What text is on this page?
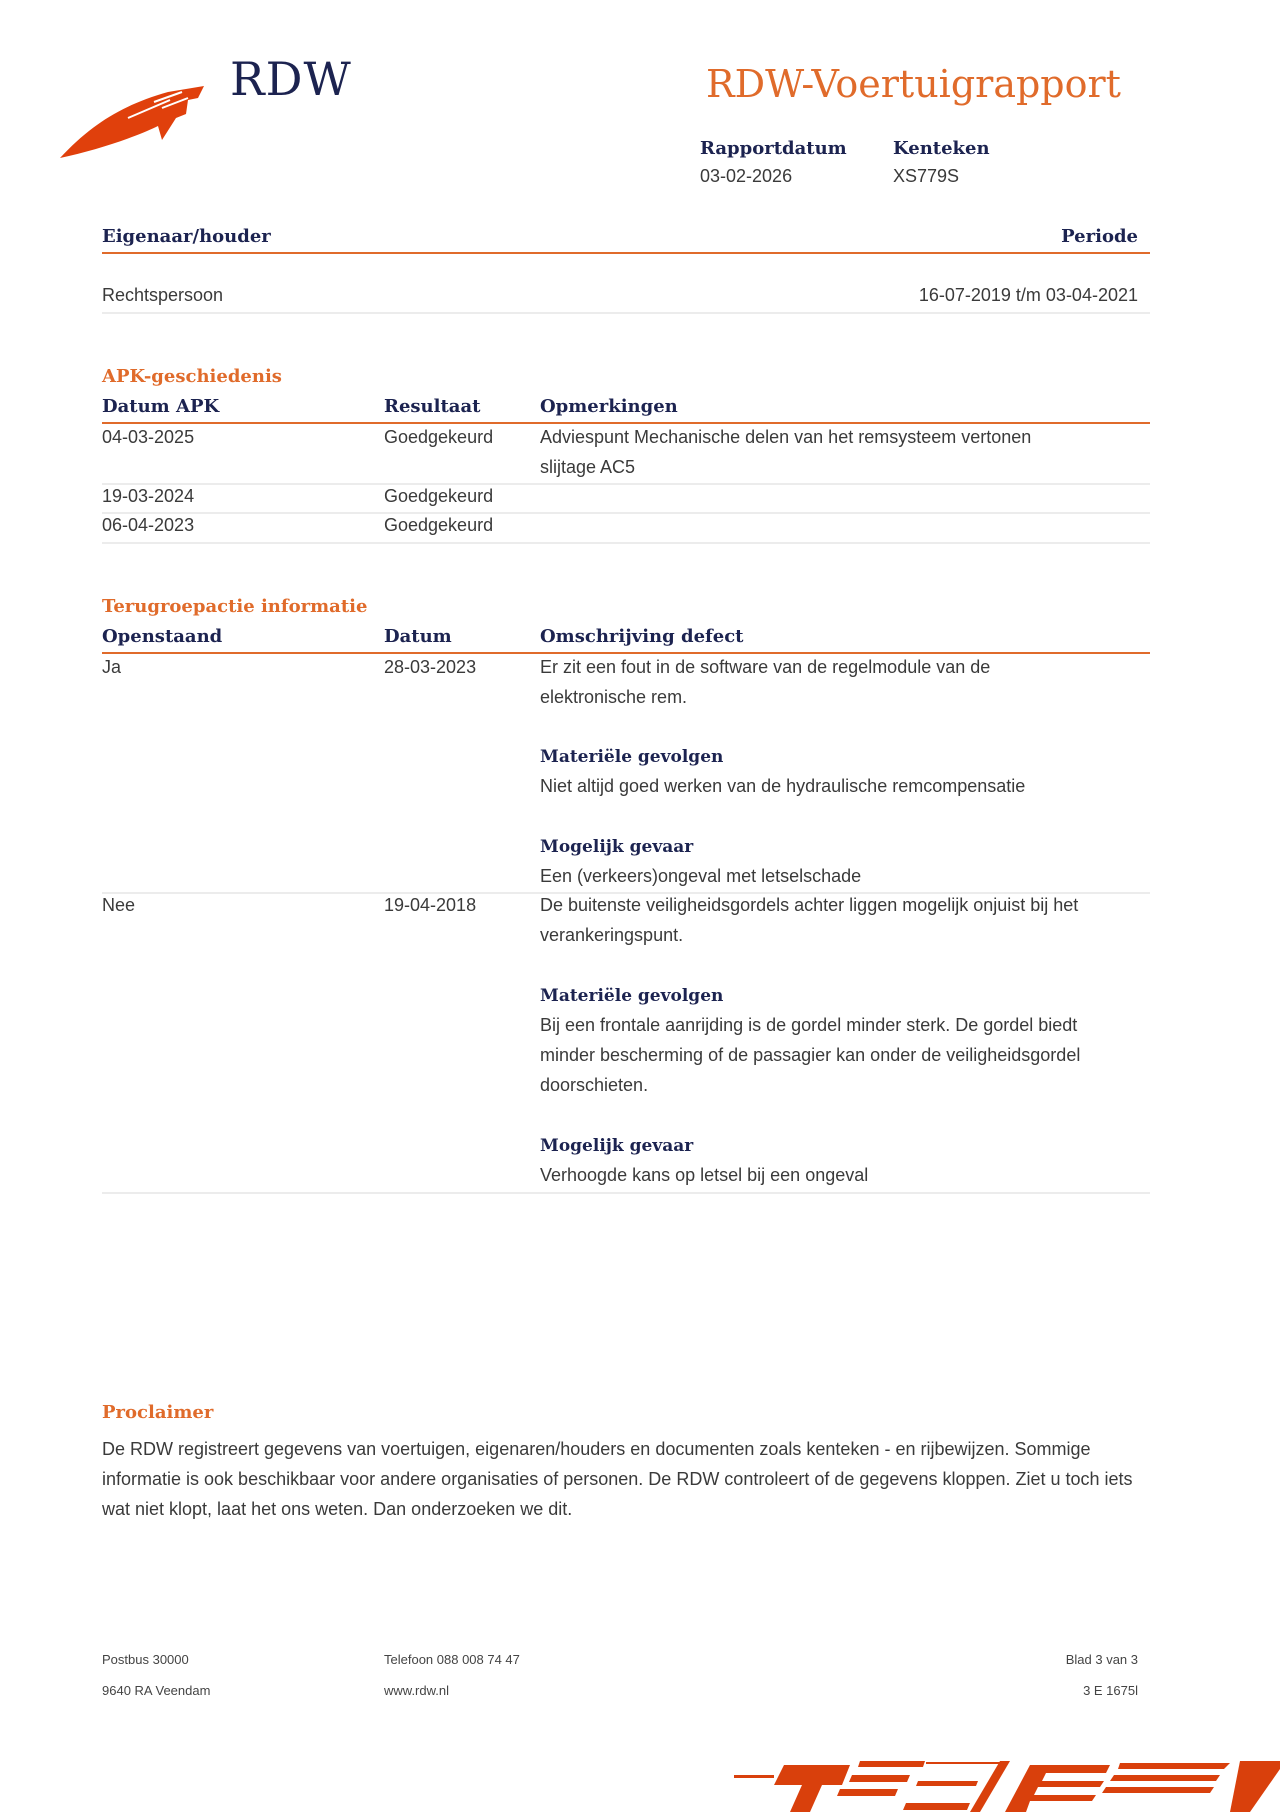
RDW	RDW-Voertuigrapport
Rapportdatum
03-02-2026
Kenteken
XS779S
Eigenaar/houder	Periode
Rechtspersoon	16-07-2019 t/m 03-04-2021
APK-geschiedenis
Datum APK	Resultaat	Opmerkingen
04-03-2025	Goedgekeurd	Adviespunt Mechanische delen van het remsysteem vertonen slijtage AC5
19-03-2024	Goedgekeurd
06-04-2023	Goedgekeurd
Terugroepactie informatie
Openstaand	Datum	Omschrijving defect
Ja	28-03-2023	Er zit een fout in de software van de regelmodule van de elektronische rem.
Materiële gevolgen
Niet altijd goed werken van de hydraulische remcompensatie
Mogelijk gevaar
Een (verkeers)ongeval met letselschade
Nee	19-04-2018	De buitenste veiligheidsgordels achter liggen mogelijk onjuist bij het verankeringspunt.
Materiële gevolgen
Bij een frontale aanrijding is de gordel minder sterk. De gordel biedt minder bescherming of de passagier kan onder de veiligheidsgordel doorschieten.
Mogelijk gevaar
Verhoogde kans op letsel bij een ongeval
Proclaimer
De RDW registreert gegevens van voertuigen, eigenaren/houders en documenten zoals kenteken - en rijbewijzen. Sommige informatie is ook beschikbaar voor andere organisaties of personen. De RDW controleert of de gegevens kloppen. Ziet u toch iets wat niet klopt, laat het ons weten. Dan onderzoeken we dit.
Postbus 30000
9640 RA Veendam
Telefoon 088 008 74 47
www.rdw.nl
Blad 3 van 3
3 E 1675l
